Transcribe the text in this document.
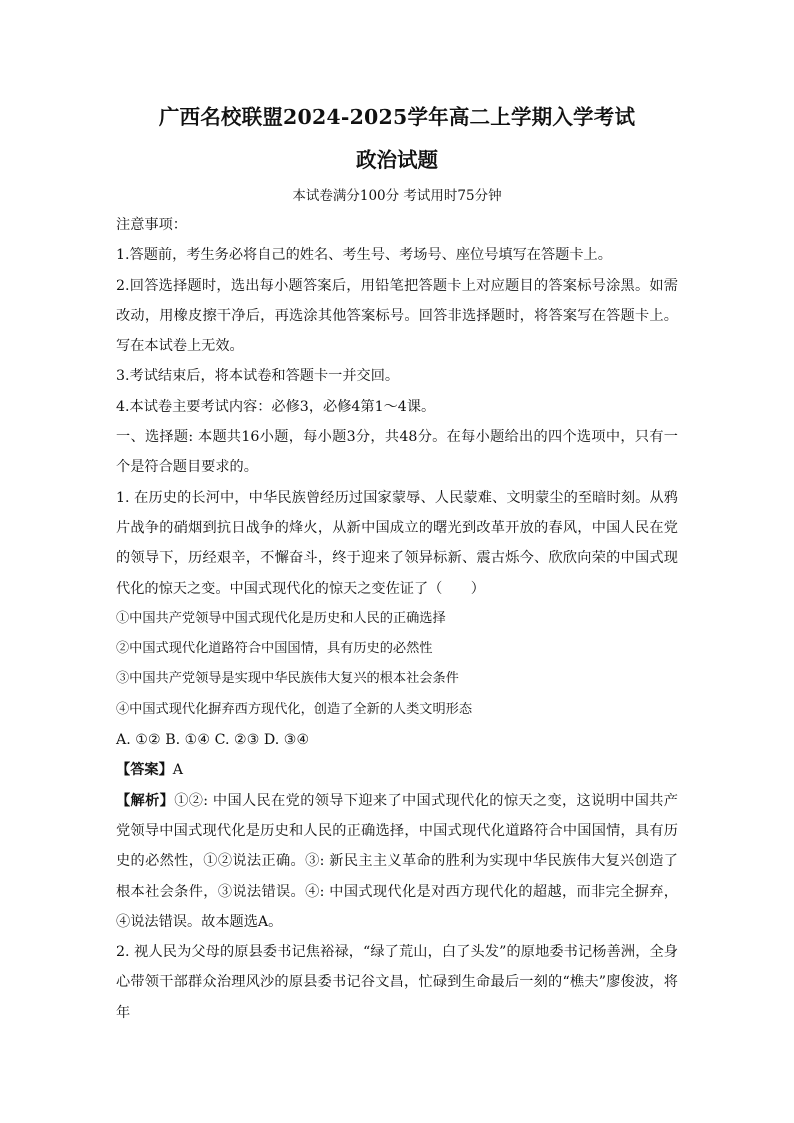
广西名校联盟2024-2025学年高二上学期入学考试
政治试题
本试卷满分100分 考试用时75分钟

注意事项：

1.答题前，考生务必将自己的姓名、考生号、考场号、座位号填写在答题卡上。

2.回答选择题时，选出每小题答案后，用铅笔把答题卡上对应题目的答案标号涂黑。如需改动，用橡皮擦干净后，再选涂其他答案标号。回答非选择题时，将答案写在答题卡上。写在本试卷上无效。

3.考试结束后，将本试卷和答题卡一并交回。

4.本试卷主要考试内容：必修3，必修4第1～4课。

一、选择题: 本题共16小题，每小题3分，共48分。在每小题给出的四个选项中，只有一个是符合题目要求的。

1. 在历史的长河中，中华民族曾经历过国家蒙辱、人民蒙难、文明蒙尘的至暗时刻。从鸦片战争的硝烟到抗日战争的烽火，从新中国成立的曙光到改革开放的春风，中国人民在党的领导下，历经艰辛，不懈奋斗，终于迎来了领异标新、震古烁今、欣欣向荣的中国式现代化的惊天之变。中国式现代化的惊天之变佐证了（　　）

①中国共产党领导中国式现代化是历史和人民的正确选择

②中国式现代化道路符合中国国情，具有历史的必然性

③中国共产党领导是实现中华民族伟大复兴的根本社会条件

④中国式现代化摒弃西方现代化，创造了全新的人类文明形态

A. ①② B. ①④ C. ②③ D. ③④

【答案】A

【解析】①②: 中国人民在党的领导下迎来了中国式现代化的惊天之变，这说明中国共产党领导中国式现代化是历史和人民的正确选择，中国式现代化道路符合中国国情，具有历史的必然性，①②说法正确。③: 新民主主义革命的胜利为实现中华民族伟大复兴创造了根本社会条件，③说法错误。④: 中国式现代化是对西方现代化的超越，而非完全摒弃，④说法错误。故本题选A。

2. 视人民为父母的原县委书记焦裕禄，“绿了荒山，白了头发”的原地委书记杨善洲，全身心带领干部群众治理风沙的原县委书记谷文昌，忙碌到生命最后一刻的“樵夫”廖俊波，将年
